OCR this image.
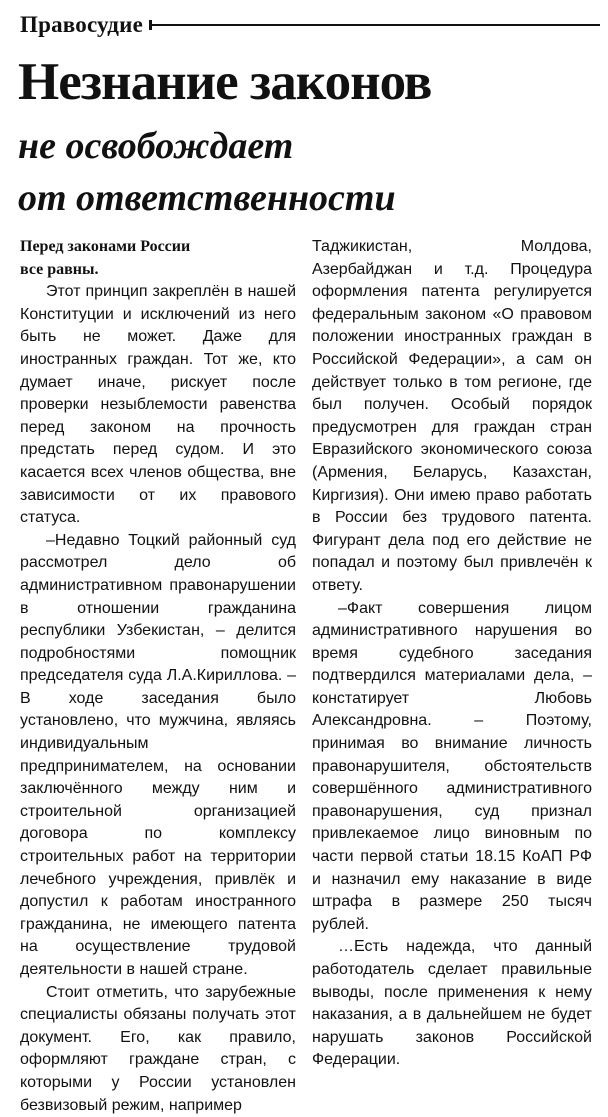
Правосудие
Незнание законов
не освобождает
от ответственности

Перед законами России
все равны.

Этот принцип закреплён в нашей Конституции и исключений из него быть не может. Даже для иностранных граждан. Тот же, кто думает иначе, рискует после проверки незыблемости равенства перед законом на прочность предстать перед судом. И это касается всех членов общества, вне зависимости от их правового статуса.

–Недавно Тоцкий районный суд рассмотрел дело об административном правонарушении в отношении гражданина республики Узбекистан, – делится подробностями помощник председателя суда Л.А.Кириллова. – В ходе заседания было установлено, что мужчина, являясь индивидуальным предпринимателем, на основании заключённого между ним и строительной организацией договора по комплексу строительных работ на территории лечебного учреждения, привлёк и допустил к работам иностранного гражданина, не имеющего патента на осуществление трудовой деятельности в нашей стране.

Стоит отметить, что зарубежные специалисты обязаны получать этот документ. Его, как правило, оформляют граждане стран, с которыми у России установлен безвизовый режим, например

Таджикистан, Молдова, Азербайджан и т.д. Процедура оформления патента регулируется федеральным законом «О правовом положении иностранных граждан в Российской Федерации», а сам он действует только в том регионе, где был получен. Особый порядок предусмотрен для граждан стран Евразийского экономического союза (Армения, Беларусь, Казахстан, Киргизия). Они имею право работать в России без трудового патента. Фигурант дела под его действие не попадал и поэтому был привлечён к ответу.

–Факт совершения лицом административного нарушения во время судебного заседания подтвердился материалами дела, – констатирует Любовь Александровна. – Поэтому, принимая во внимание личность правонарушителя, обстоятельств совершённого административного правонарушения, суд признал привлекаемое лицо виновным по части первой статьи 18.15 КоАП РФ и назначил ему наказание в виде штрафа в размере 250 тысяч рублей.

…Есть надежда, что данный работодатель сделает правильные выводы, после применения к нему наказания, а в дальнейшем не будет нарушать законов Российской Федерации.
